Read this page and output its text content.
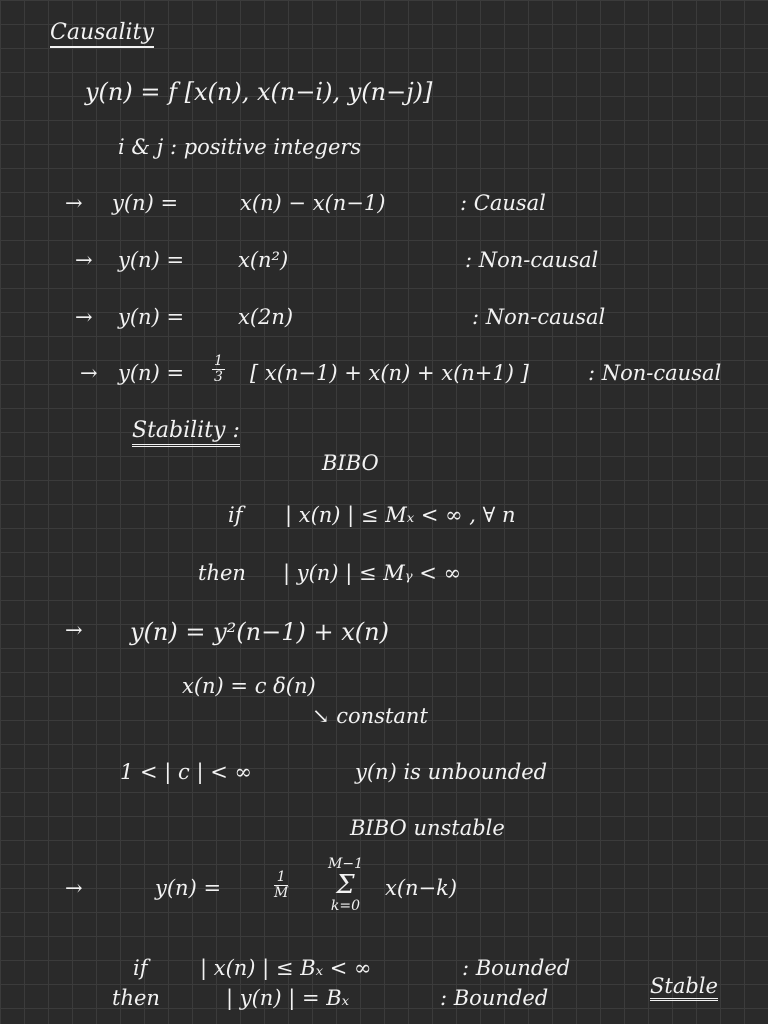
Causality
y(n) = f [x(n), x(n−i), y(n−j)]
i & j : positive integers
→ y(n) =	x(n) − x(n−1)	: Causal
→ y(n) =	x(n²)	: Non-causal
→ y(n) =	x(2n)	: Non-causal
→ $y(n) = \frac{1}{3}$ [ x(n−1) + x(n) + x(n+1) ]	: Non-causal
Stability :
BIBO
if | x(n) | ≤ Mₓ < ∞ , ∀ n
then | y(n) | ≤ Mᵧ < ∞
→ y(n) = y²(n−1) + x(n)
x(n) = c δ(n)
↘ constant
1 < | c | < ∞	y(n) is unbounded
BIBO unstable
→	y(n) =	$\frac{1}{M}$
M−1
Σ
k=0
x(n−k)
if	| x(n) | ≤ Bₓ < ∞	: Bounded
then	| y(n) | = Bₓ	: Bounded	Stable
